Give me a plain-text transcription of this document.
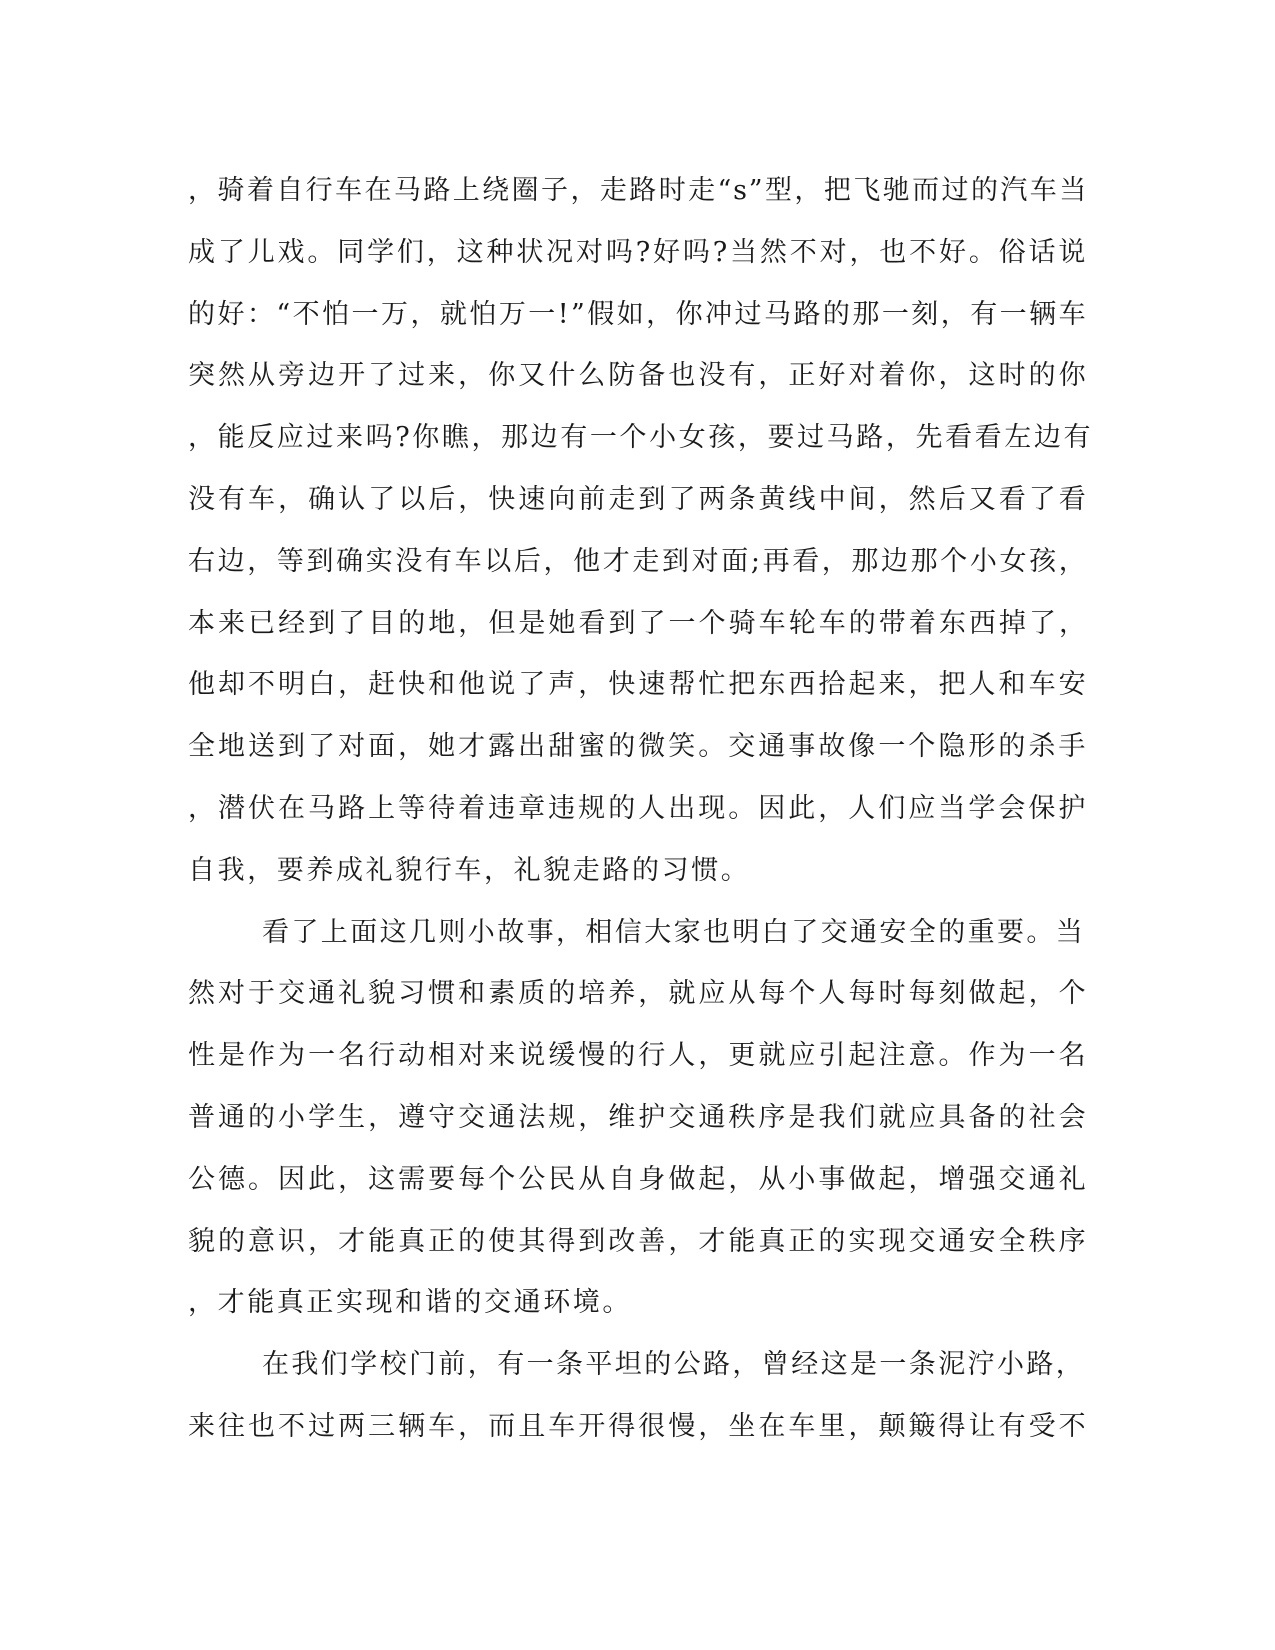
，骑着自行车在马路上绕圈子，走路时走“s”型，把飞驰而过的汽车当
成了儿戏。同学们，这种状况对吗?好吗?当然不对，也不好。俗话说
的好：“不怕一万，就怕万一!”假如，你冲过马路的那一刻，有一辆车
突然从旁边开了过来，你又什么防备也没有，正好对着你，这时的你
，能反应过来吗?你瞧，那边有一个小女孩，要过马路，先看看左边有
没有车，确认了以后，快速向前走到了两条黄线中间，然后又看了看
右边，等到确实没有车以后，他才走到对面;再看，那边那个小女孩，
本来已经到了目的地，但是她看到了一个骑车轮车的带着东西掉了，
他却不明白，赶快和他说了声，快速帮忙把东西拾起来，把人和车安
全地送到了对面，她才露出甜蜜的微笑。交通事故像一个隐形的杀手
，潜伏在马路上等待着违章违规的人出现。因此，人们应当学会保护
自我，要养成礼貌行车，礼貌走路的习惯。
看了上面这几则小故事，相信大家也明白了交通安全的重要。当
然对于交通礼貌习惯和素质的培养，就应从每个人每时每刻做起，个
性是作为一名行动相对来说缓慢的行人，更就应引起注意。作为一名
普通的小学生，遵守交通法规，维护交通秩序是我们就应具备的社会
公德。因此，这需要每个公民从自身做起，从小事做起，增强交通礼
貌的意识，才能真正的使其得到改善，才能真正的实现交通安全秩序
，才能真正实现和谐的交通环境。
在我们学校门前，有一条平坦的公路，曾经这是一条泥泞小路，
来往也不过两三辆车，而且车开得很慢，坐在车里，颠簸得让有受不
